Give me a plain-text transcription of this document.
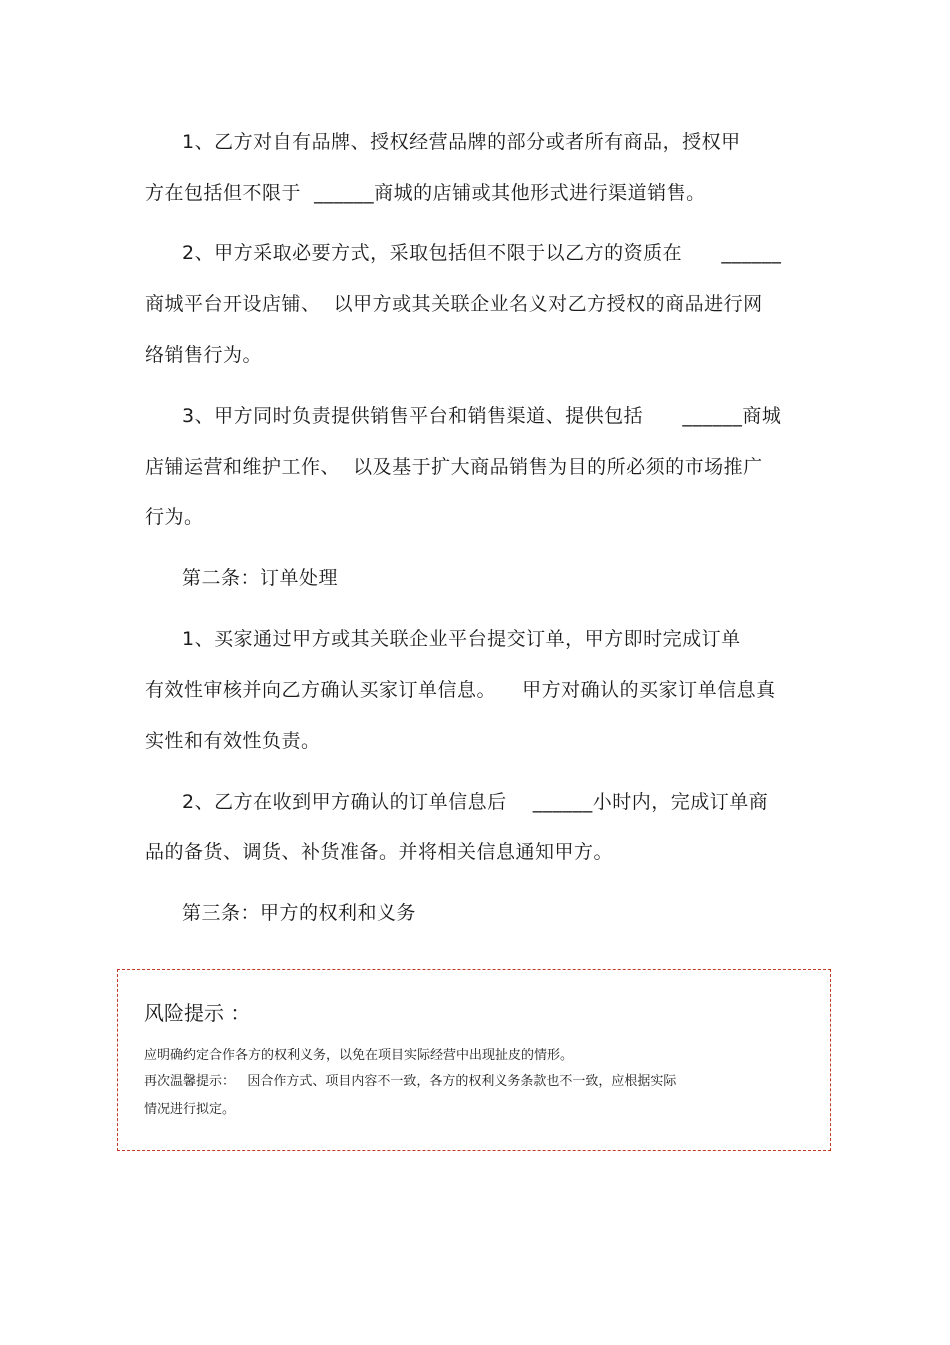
1、乙方对自有品牌、授权经营品牌的部分或者所有商品，授权甲
方在包括但不限于  ______商城的店铺或其他形式进行渠道销售。
2、甲方采取必要方式，采取包括但不限于以乙方的资质在      ______
商城平台开设店铺、  以甲方或其关联企业名义对乙方授权的商品进行网
络销售行为。
3、甲方同时负责提供销售平台和销售渠道、提供包括      ______商城
店铺运营和维护工作、  以及基于扩大商品销售为目的所必须的市场推广
行为。
第二条：订单处理
1、买家通过甲方或其关联企业平台提交订单，甲方即时完成订单
有效性审核并向乙方确认买家订单信息。    甲方对确认的买家订单信息真
实性和有效性负责。
2、乙方在收到甲方确认的订单信息后    ______小时内，完成订单商
品的备货、调货、补货准备。并将相关信息通知甲方。
第三条：甲方的权利和义务
风险提示 ：
应明确约定合作各方的权利义务，以免在项目实际经营中出现扯皮的情形。
再次温馨提示：   因合作方式、项目内容不一致，各方的权利义务条款也不一致，应根据实际
情况进行拟定。
